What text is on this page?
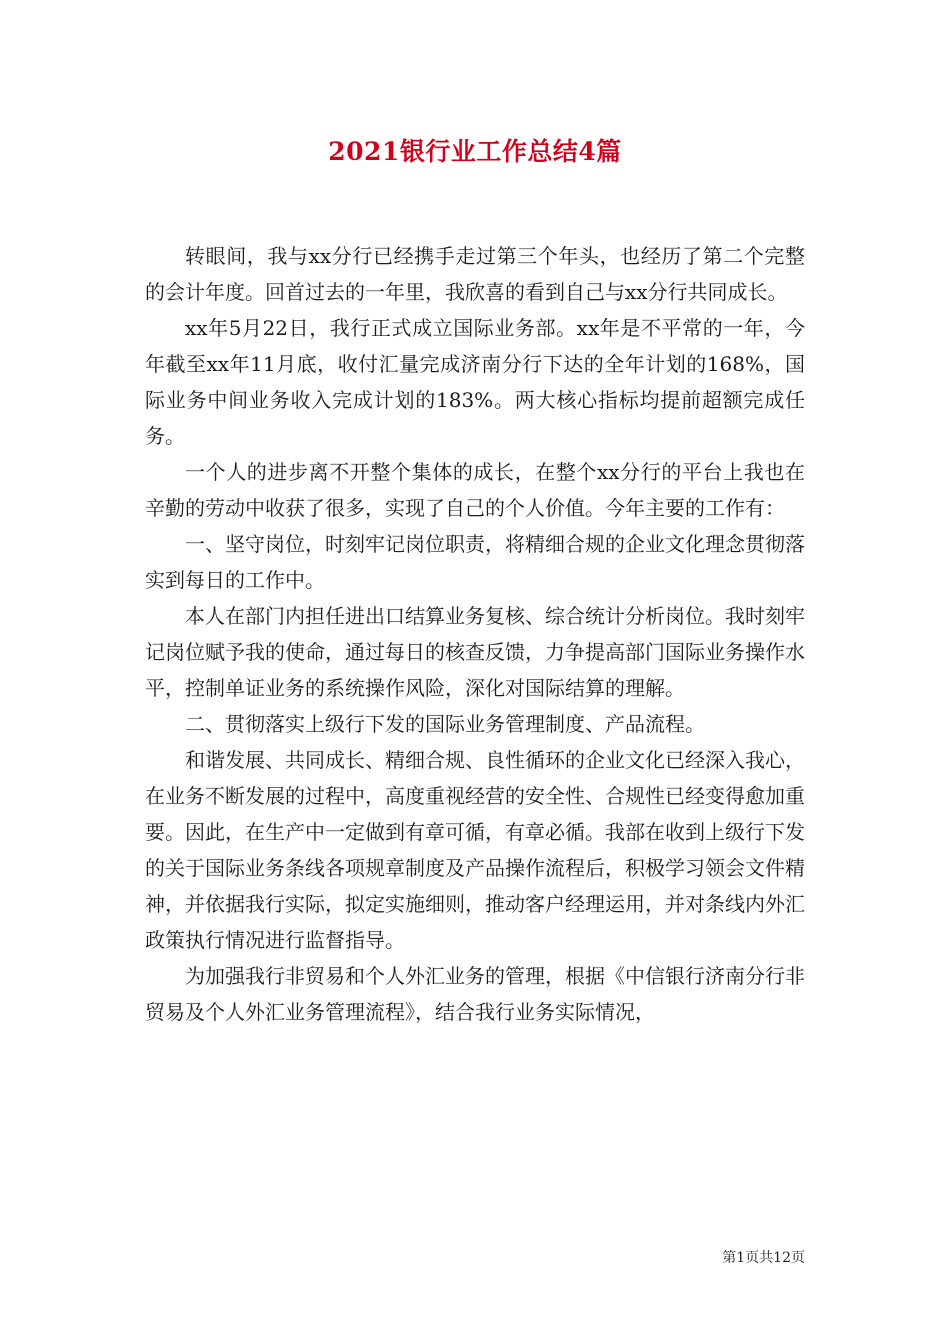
2021银行业工作总结4篇

转眼间，我与xx分行已经携手走过第三个年头，也经历了第二个完整的会计年度。回首过去的一年里，我欣喜的看到自己与xx分行共同成长。

xx年5月22日，我行正式成立国际业务部。xx年是不平常的一年，今年截至xx年11月底，收付汇量完成济南分行下达的全年计划的168%，国际业务中间业务收入完成计划的183%。两大核心指标均提前超额完成任务。

一个人的进步离不开整个集体的成长，在整个xx分行的平台上我也在辛勤的劳动中收获了很多，实现了自己的个人价值。今年主要的工作有：

一、坚守岗位，时刻牢记岗位职责，将精细合规的企业文化理念贯彻落实到每日的工作中。

本人在部门内担任进出口结算业务复核、综合统计分析岗位。我时刻牢记岗位赋予我的使命，通过每日的核查反馈，力争提高部门国际业务操作水平，控制单证业务的系统操作风险，深化对国际结算的理解。

二、贯彻落实上级行下发的国际业务管理制度、产品流程。

和谐发展、共同成长、精细合规、良性循环的企业文化已经深入我心，在业务不断发展的过程中，高度重视经营的安全性、合规性已经变得愈加重要。因此，在生产中一定做到有章可循，有章必循。我部在收到上级行下发的关于国际业务条线各项规章制度及产品操作流程后，积极学习领会文件精神，并依据我行实际，拟定实施细则，推动客户经理运用，并对条线内外汇政策执行情况进行监督指导。

为加强我行非贸易和个人外汇业务的管理，根据《中信银行济南分行非贸易及个人外汇业务管理流程》，结合我行业务实际情况，

第1页共12页
